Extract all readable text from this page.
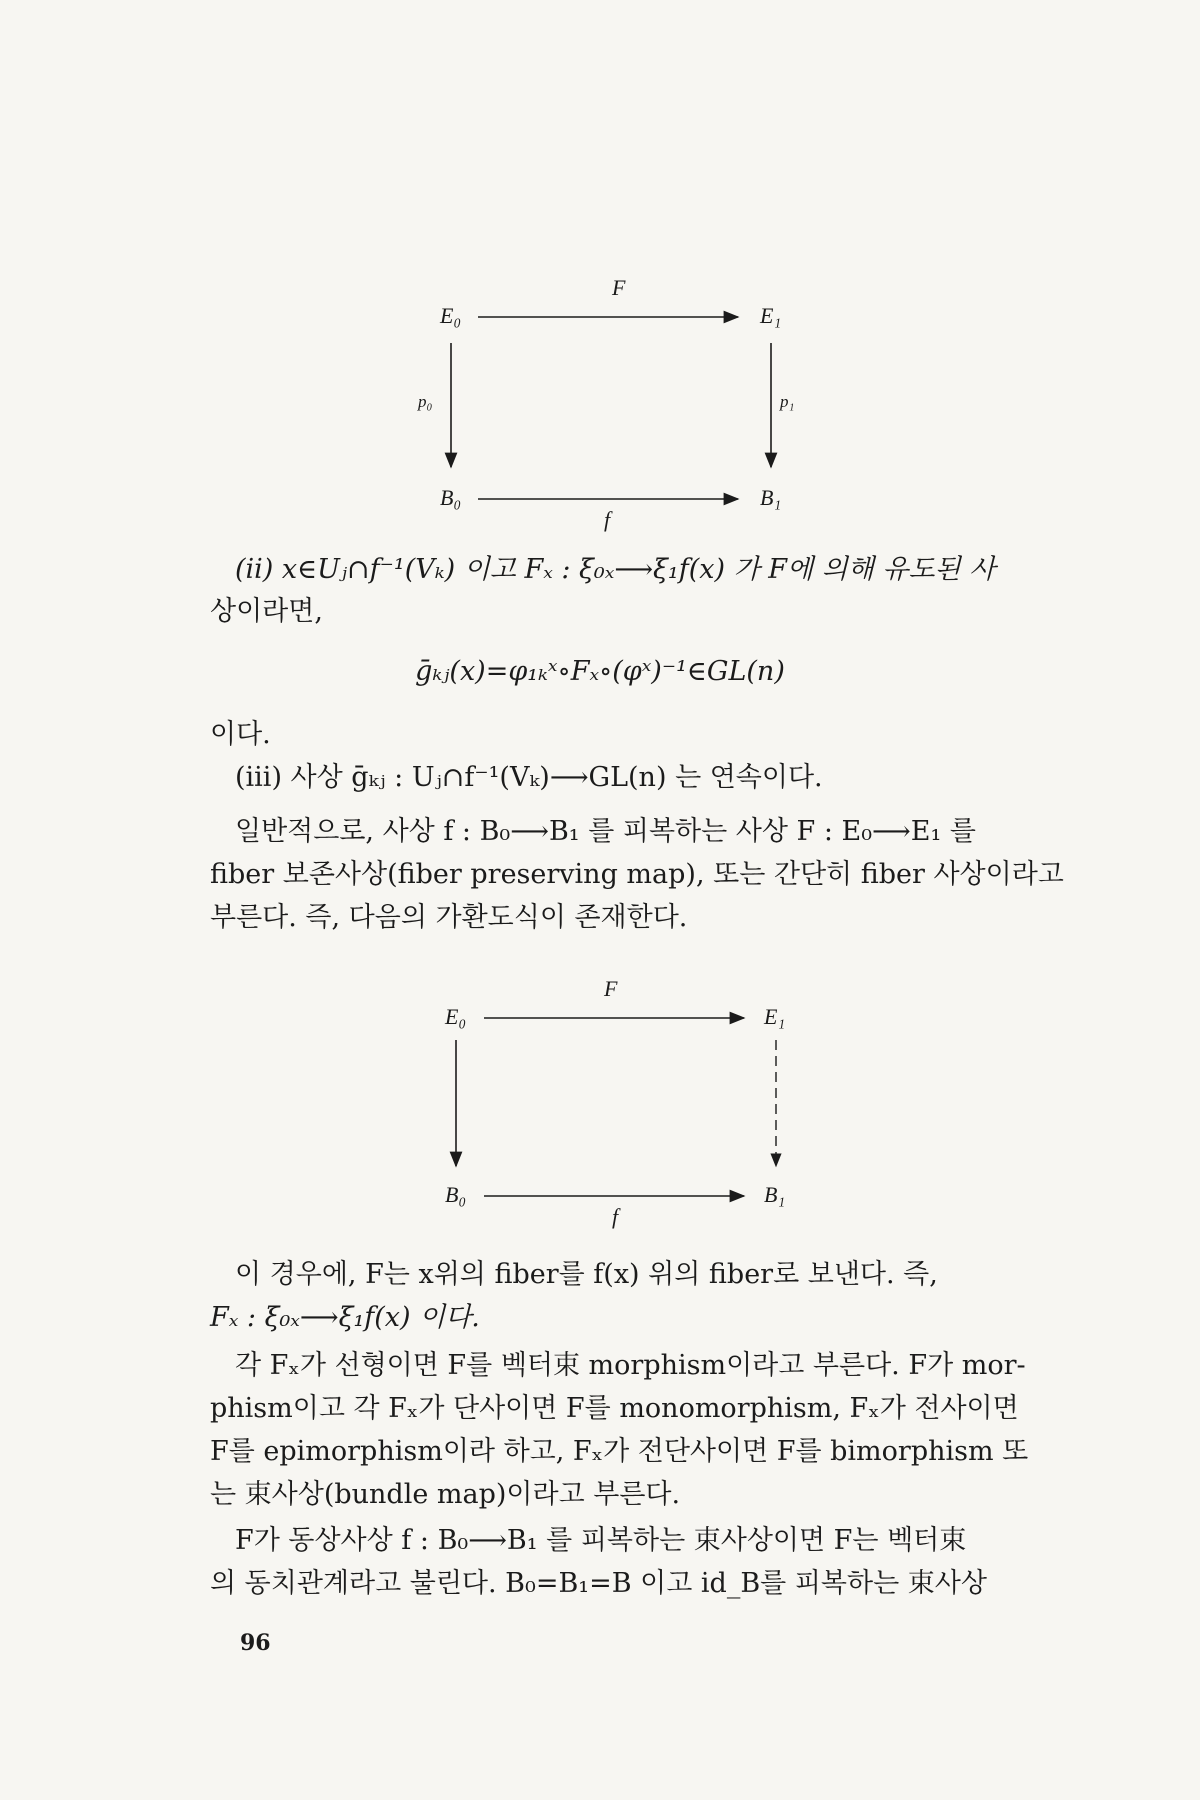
F
E₀	E₁
p₀	p₁
B₀	B₁
f
(ii) x∈Uⱼ∩f⁻¹(Vₖ) 이고 Fₓ : ξ₀ₓ⟶ξ₁f(x) 가 F에 의해 유도된 사
상이라면,
ḡₖⱼ(x)=φ₁ₖˣ∘Fₓ∘(φˣ)⁻¹∈GL(n)
이다.
(iii) 사상 ḡₖⱼ : Uⱼ∩f⁻¹(Vₖ)⟶GL(n) 는 연속이다.
일반적으로, 사상 f : B₀⟶B₁ 를 피복하는 사상 F : E₀⟶E₁ 를
fiber 보존사상(fiber preserving map), 또는 간단히 fiber 사상이라고
부른다. 즉, 다음의 가환도식이 존재한다.
F
E₀	E₁
B₀	B₁
f
이 경우에, F는 x위의 fiber를 f(x) 위의 fiber로 보낸다. 즉,
Fₓ : ξ₀ₓ⟶ξ₁f(x) 이다.
각 Fₓ가 선형이면 F를 벡터束 morphism이라고 부른다. F가 mor-
phism이고 각 Fₓ가 단사이면 F를 monomorphism, Fₓ가 전사이면
F를 epimorphism이라 하고, Fₓ가 전단사이면 F를 bimorphism 또
는 束사상(bundle map)이라고 부른다.
F가 동상사상 f : B₀⟶B₁ 를 피복하는 束사상이면 F는 벡터束
의 동치관계라고 불린다. B₀=B₁=B 이고 id_B를 피복하는 束사상
96
